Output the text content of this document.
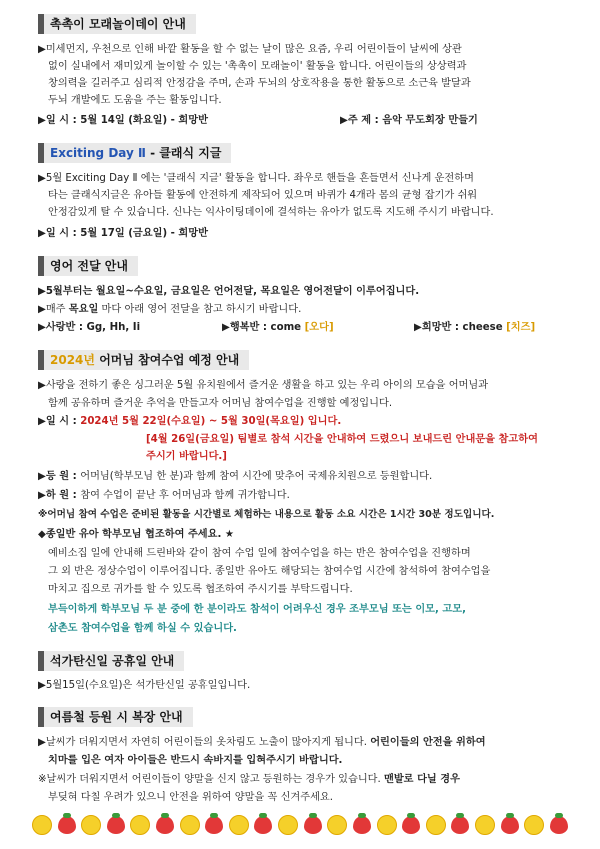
촉촉이 모래놀이데이 안내
▶미세먼지, 우천으로 인해 바깥 활동을 할 수 없는 날이 많은 요즘, 우리 어린이들이 날씨에 상관
없이 실내에서 재미있게 놀이할 수 있는 '촉촉이 모래놀이' 활동을 합니다. 어린이들의 상상력과
창의력을 길러주고 심리적 안정감을 주며, 손과 두뇌의 상호작용을 통한 활동으로 소근육 발달과
두뇌 개발에도 도움을 주는 활동입니다.
▶일 시 : 5월 14일 (화요일) - 희망반	▶주 제 : 음악 무도회장 만들기
Exciting Day Ⅱ - 클래식 지글
▶5월 Exciting Day Ⅱ 에는 '클래식 지글' 활동을 합니다. 좌우로 핸들을 흔들면서 신나게 운전하며
타는 클래식지글은 유아들 활동에 안전하게 제작되어 있으며 바퀴가 4개라 몸의 균형 잡기가 쉬워
안정감있게 탈 수 있습니다. 신나는 익사이팅데이에 결석하는 유아가 없도록 지도해 주시기 바랍니다.
▶일 시 : 5월 17일 (금요일) - 희망반
영어 전달 안내
▶5월부터는 월요일~수요일, 금요일은 언어전달, 목요일은 영어전달이 이루어집니다.
▶매주 목요일 마다 아래 영어 전달을 참고 하시기 바랍니다.
▶사랑반 : Gg, Hh, Ii	▶행복반 : come [오다]	▶희망반 : cheese [치즈]
2024년 어머님 참여수업 예정 안내
▶사랑을 전하기 좋은 싱그러운 5월 유치원에서 즐거운 생활을 하고 있는 우리 아이의 모습을 어머님과
함께 공유하며 즐거운 추억을 만들고자 어머님 참여수업을 진행할 예정입니다.
▶일 시 : 2024년 5월 22일(수요일) ~ 5월 30일(목요일) 입니다.
[4월 26일(금요일) 팀별로 참석 시간을 안내하여 드렸으니 보내드린 안내문을 참고하여
주시기 바랍니다.]
▶등 원 : 어머님(학부모님 한 분)과 함께 참여 시간에 맞추어 국제유치원으로 등원합니다.
▶하 원 : 참여 수업이 끝난 후 어머님과 함께 귀가합니다.
※어머님 참여 수업은 준비된 활동을 시간별로 체험하는 내용으로 활동 소요 시간은 1시간 30분 정도입니다.
◆종일반 유아 학부모님 협조하여 주세요. ★
예비소집 일에 안내해 드린바와 같이 참여 수업 일에 참여수업을 하는 반은 참여수업을 진행하며
그 외 반은 정상수업이 이루어집니다. 종일반 유아도 해당되는 참여수업 시간에 참석하여 참여수업을
마치고 집으로 귀가를 할 수 있도록 협조하여 주시기를 부탁드립니다.
부득이하게 학부모님 두 분 중에 한 분이라도 참석이 어려우신 경우 조부모님 또는 이모, 고모,
삼촌도 참여수업을 함께 하실 수 있습니다.
석가탄신일 공휴일 안내
▶5월15일(수요일)은 석가탄신일 공휴일입니다.
여름철 등원 시 복장 안내
▶날씨가 더워지면서 자연히 어린이들의 옷차림도 노출이 많아지게 됩니다. 어린이들의 안전을 위하여
치마를 입은 여자 아이들은 반드시 속바지를 입혀주시기 바랍니다.
※날씨가 더워지면서 어린이들이 양말을 신지 않고 등원하는 경우가 있습니다. 맨발로 다닐 경우
부딪혀 다칠 우려가 있으니 안전을 위하여 양말을 꼭 신겨주세요.
